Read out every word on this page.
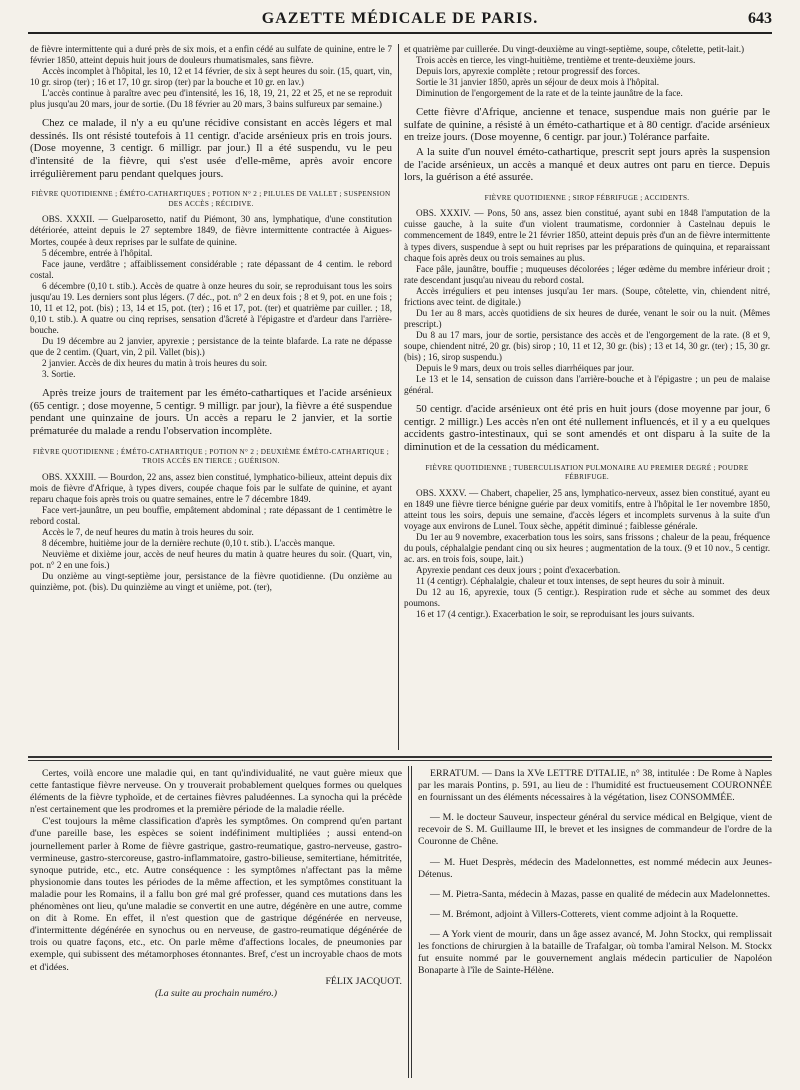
GAZETTE MÉDICALE DE PARIS.	643

de fièvre intermittente qui a duré près de six mois, et a enfin cédé au sulfate de quinine, entre le 7 février 1850, atteint depuis huit jours de douleurs rhumatismales, sans fièvre.

Accès incomplet à l'hôpital, les 10, 12 et 14 février, de six à sept heures du soir. (15, quart, vin, 10 gr. sirop (ter) ; 16 et 17, 10 gr. sirop (ter) par la bouche et 10 gr. en lav.)

L'accès continue à paraître avec peu d'intensité, les 16, 18, 19, 21, 22 et 25, et ne se reproduit plus jusqu'au 20 mars, jour de sortie. (Du 18 février au 20 mars, 3 bains sulfureux par semaine.)

Chez ce malade, il n'y a eu qu'une récidive consistant en accès légers et mal dessinés. Ils ont résisté toutefois à 11 centigr. d'acide arsénieux pris en trois jours. (Dose moyenne, 3 centigr. 6 milligr. par jour.) Il a été suspendu, vu le peu d'intensité de la fièvre, qui s'est usée d'elle-même, après avoir encore irrégulièrement paru pendant quelques jours.

FIÈVRE QUOTIDIENNE ; ÉMÉTO-CATHARTIQUES ; POTION N° 2 ; PILULES DE VALLET ; SUSPENSION DES ACCÈS ; RÉCIDIVE.

OBS. XXXII. — Guelparosetto, natif du Piémont, 30 ans, lymphatique, d'une constitution détériorée, atteint depuis le 27 septembre 1849, de fièvre intermittente contractée à Aigues-Mortes, coupée à deux reprises par le sulfate de quinine.

5 décembre, entrée à l'hôpital.

Face jaune, verdâtre ; affaiblissement considérable ; rate dépassant de 4 centim. le rebord costal.

6 décembre (0,10 t. stib.). Accès de quatre à onze heures du soir, se reproduisant tous les soirs jusqu'au 19. Les derniers sont plus légers. (7 déc., pot. n° 2 en deux fois ; 8 et 9, pot. en une fois ; 10, 11 et 12, pot. (bis) ; 13, 14 et 15, pot. (ter) ; 16 et 17, pot. (ter) et quatrième par cuiller. ; 18, 0,10 t. stib.). A quatre ou cinq reprises, sensation d'âcreté à l'épigastre et d'ardeur dans l'arrière-bouche.

Du 19 décembre au 2 janvier, apyrexie ; persistance de la teinte blafarde. La rate ne dépasse que de 2 centim. (Quart, vin, 2 pil. Vallet (bis).)

2 janvier. Accès de dix heures du matin à trois heures du soir.

3. Sortie.

Après treize jours de traitement par les éméto-cathartiques et l'acide arsénieux (65 centigr. ; dose moyenne, 5 centigr. 9 milligr. par jour), la fièvre a été suspendue pendant une quinzaine de jours. Un accès a reparu le 2 janvier, et la sortie prématurée du malade a rendu l'observation incomplète.

FIÈVRE QUOTIDIENNE ; ÉMÉTO-CATHARTIQUE ; POTION N° 2 ; DEUXIÈME ÉMÉTO-CATHARTIQUE ; TROIS ACCÈS EN TIERCE ; GUÉRISON.

OBS. XXXIII. — Bourdon, 22 ans, assez bien constitué, lymphatico-bilieux, atteint depuis dix mois de fièvre d'Afrique, à types divers, coupée chaque fois par le sulfate de quinine, et ayant reparu chaque fois après trois ou quatre semaines, entre le 7 décembre 1849.

Face vert-jaunâtre, un peu bouffie, empâtement abdominal ; rate dépassant de 1 centimètre le rebord costal.

Accès le 7, de neuf heures du matin à trois heures du soir.

8 décembre, huitième jour de la dernière rechute (0,10 t. stib.). L'accès manque.

Neuvième et dixième jour, accès de neuf heures du matin à quatre heures du soir. (Quart, vin, pot. n° 2 en une fois.)

Du onzième au vingt-septième jour, persistance de la fièvre quotidienne. (Du onzième au quinzième, pot. (bis). Du quinzième au vingt et unième, pot. (ter),

et quatrième par cuillerée. Du vingt-deuxième au vingt-septième, soupe, côtelette, petit-lait.)

Trois accès en tierce, les vingt-huitième, trentième et trente-deuxième jours.

Depuis lors, apyrexie complète ; retour progressif des forces.

Sortie le 31 janvier 1850, après un séjour de deux mois à l'hôpital.

Diminution de l'engorgement de la rate et de la teinte jaunâtre de la face.

Cette fièvre d'Afrique, ancienne et tenace, suspendue mais non guérie par le sulfate de quinine, a résisté à un éméto-cathartique et à 80 centigr. d'acide arsénieux en treize jours. (Dose moyenne, 6 centigr. par jour.) Tolérance parfaite.

A la suite d'un nouvel éméto-cathartique, prescrit sept jours après la suspension de l'acide arsénieux, un accès a manqué et deux autres ont paru en tierce. Depuis lors, la guérison a été assurée.

FIÈVRE QUOTIDIENNE ; SIROP FÉBRIFUGE ; ACCIDENTS.

OBS. XXXIV. — Pons, 50 ans, assez bien constitué, ayant subi en 1848 l'amputation de la cuisse gauche, à la suite d'un violent traumatisme, cordonnier à Castelnau depuis le commencement de 1849, entre le 21 février 1850, atteint depuis près d'un an de fièvre intermittente à types divers, suspendue à sept ou huit reprises par les préparations de quinquina, et reparaissant chaque fois après deux ou trois semaines au plus.

Face pâle, jaunâtre, bouffie ; muqueuses décolorées ; léger œdème du membre inférieur droit ; rate descendant jusqu'au niveau du rebord costal.

Accès irréguliers et peu intenses jusqu'au 1er mars. (Soupe, côtelette, vin, chiendent nitré, frictions avec teint. de digitale.)

Du 1er au 8 mars, accès quotidiens de six heures de durée, venant le soir ou la nuit. (Mêmes prescript.)

Du 8 au 17 mars, jour de sortie, persistance des accès et de l'engorgement de la rate. (8 et 9, soupe, chiendent nitré, 20 gr. (bis) sirop ; 10, 11 et 12, 30 gr. (bis) ; 13 et 14, 30 gr. (ter) ; 15, 30 gr. (bis) ; 16, sirop suspendu.)

Depuis le 9 mars, deux ou trois selles diarrhéiques par jour.

Le 13 et le 14, sensation de cuisson dans l'arrière-bouche et à l'épigastre ; un peu de malaise général.

50 centigr. d'acide arsénieux ont été pris en huit jours (dose moyenne par jour, 6 centigr. 2 milligr.) Les accès n'en ont été nullement influencés, et il y a eu quelques accidents gastro-intestinaux, qui se sont amendés et ont disparu à la suite de la diminution et de la cessation du médicament.

FIÈVRE QUOTIDIENNE ; TUBERCULISATION PULMONAIRE AU PREMIER DEGRÉ ; POUDRE FÉBRIFUGE.

OBS. XXXV. — Chabert, chapelier, 25 ans, lymphatico-nerveux, assez bien constitué, ayant eu en 1849 une fièvre tierce bénigne guérie par deux vomitifs, entre à l'hôpital le 1er novembre 1850, atteint tous les soirs, depuis une semaine, d'accès légers et incomplets survenus à la suite d'un voyage aux environs de Lunel. Toux sèche, appétit diminué ; faiblesse générale.

Du 1er au 9 novembre, exacerbation tous les soirs, sans frissons ; chaleur de la peau, fréquence du pouls, céphalalgie pendant cinq ou six heures ; augmentation de la toux. (9 et 10 nov., 5 centigr. ac. ars. en trois fois, soupe, lait.)

Apyrexie pendant ces deux jours ; point d'exacerbation.

11 (4 centigr). Céphalalgie, chaleur et toux intenses, de sept heures du soir à minuit.

Du 12 au 16, apyrexie, toux (5 centigr.). Respiration rude et sèche au sommet des deux poumons.

16 et 17 (4 centigr.). Exacerbation le soir, se reproduisant les jours suivants.

Certes, voilà encore une maladie qui, en tant qu'individualité, ne vaut guère mieux que cette fantastique fièvre nerveuse. On y trouverait probablement quelques formes ou quelques éléments de la fièvre typhoïde, et de certaines fièvres paludéennes. La synocha qui la précède n'est certainement que les prodromes et la première période de la maladie réelle.

C'est toujours la même classification d'après les symptômes. On comprend qu'en partant d'une pareille base, les espèces se soient indéfiniment multipliées ; aussi entend-on journellement parler à Rome de fièvre gastrique, gastro-reumatique, gastro-nerveuse, gastro-vermineuse, gastro-stercoreuse, gastro-inflammatoire, gastro-bilieuse, semitertiane, hémitritée, synoque putride, etc., etc. Autre conséquence : les symptômes n'affectant pas la même physionomie dans toutes les périodes de la même affection, et les symptômes constituant la maladie pour les Romains, il a fallu bon gré mal gré professer, quand ces mutations dans les phénomènes ont lieu, qu'une maladie se convertit en une autre, dégénère en une autre, comme on dit à Rome. En effet, il n'est question que de gastrique dégénérée en nerveuse, d'intermittente dégénérée en synochus ou en nerveuse, de gastro-reumatique dégénérée de trois ou quatre façons, etc., etc. On parle même d'affections locales, de pneumonies par exemple, qui subissent des métamorphoses étonnantes. Bref, c'est un incroyable chaos de mots et d'idées.

FÉLIX JACQUOT.

(La suite au prochain numéro.)

ERRATUM. — Dans la XVe LETTRE D'ITALIE, n° 38, intitulée : De Rome à Naples par les marais Pontins, p. 591, au lieu de : l'humidité est fructueusement COURONNÉE en fournissant un des éléments nécessaires à la végétation, lisez CONSOMMÉE.

— M. le docteur Sauveur, inspecteur général du service médical en Belgique, vient de recevoir de S. M. Guillaume III, le brevet et les insignes de commandeur de l'ordre de la Couronne de Chêne.

— M. Huet Desprès, médecin des Madelonnettes, est nommé médecin aux Jeunes-Détenus.

— M. Pietra-Santa, médecin à Mazas, passe en qualité de médecin aux Madelonnettes.

— M. Brémont, adjoint à Villers-Cotterets, vient comme adjoint à la Roquette.

— A York vient de mourir, dans un âge assez avancé, M. John Stockx, qui remplissait les fonctions de chirurgien à la bataille de Trafalgar, où tomba l'amiral Nelson. M. Stockx fut ensuite nommé par le gouvernement anglais médecin particulier de Napoléon Bonaparte à l'île de Sainte-Hélène.
